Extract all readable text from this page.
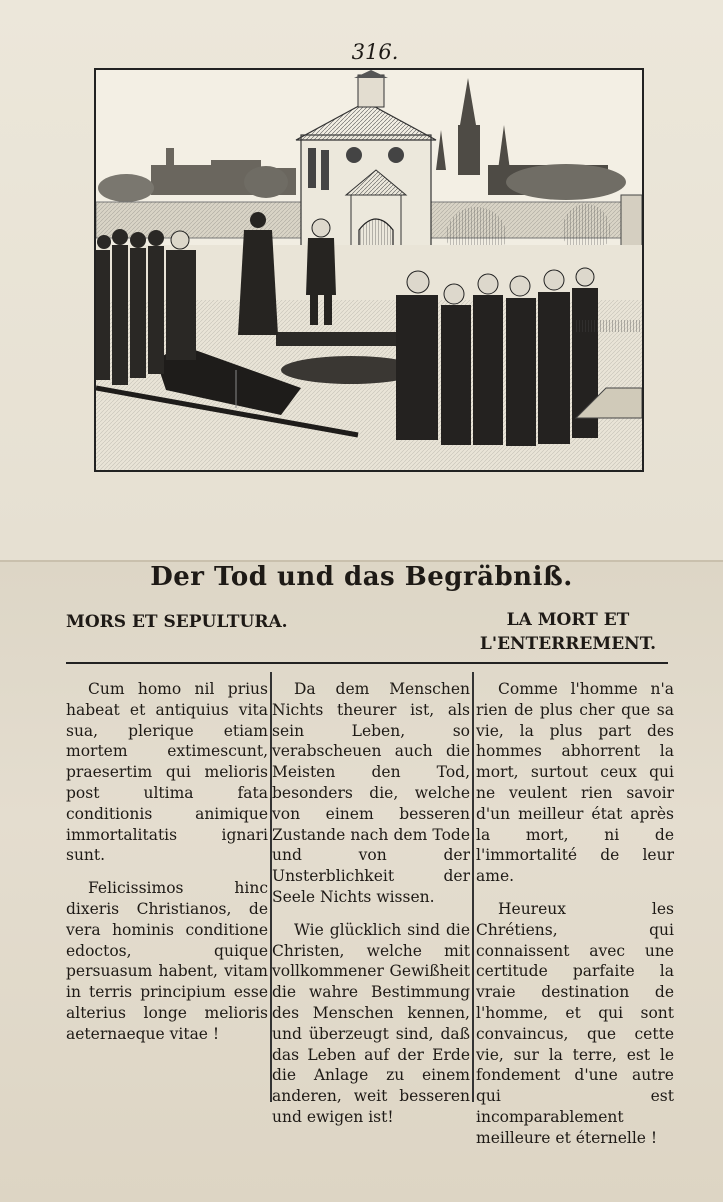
316.
Der Tod und das Begräbniß.
MORS ET SEPULTURA.	LA MORT ET L'ENTERREMENT.

Cum homo nil prius habeat et antiquius vita sua, plerique etiam mortem extimescunt, praesertim qui melioris post ultima fata conditionis animique immortalitatis ignari sunt.

Felicissimos hinc dixeris Christianos, de vera hominis conditione edoctos, quique persuasum habent, vitam in terris principium esse alterius longe melioris aeternaeque vitae !

Da dem Menschen Nichts theurer ist, als sein Leben, so verabscheuen auch die Meisten den Tod, besonders die, welche von einem besseren Zustande nach dem Tode und von der Unsterblichkeit der Seele Nichts wissen.

Wie glücklich sind die Christen, welche mit vollkommener Gewißheit die wahre Bestimmung des Menschen kennen, und überzeugt sind, daß das Leben auf der Erde die Anlage zu einem anderen, weit besseren und ewigen ist!

Comme l'homme n'a rien de plus cher que sa vie, la plus part des hommes abhorrent la mort, surtout ceux qui ne veulent rien savoir d'un meilleur état après la mort, ni de l'immortalité de leur ame.

Heureux les Chrétiens, qui connaissent avec une certitude parfaite la vraie destination de l'homme, et qui sont convaincus, que cette vie, sur la terre, est le fondement d'une autre qui est incomparablement meilleure et éternelle !
